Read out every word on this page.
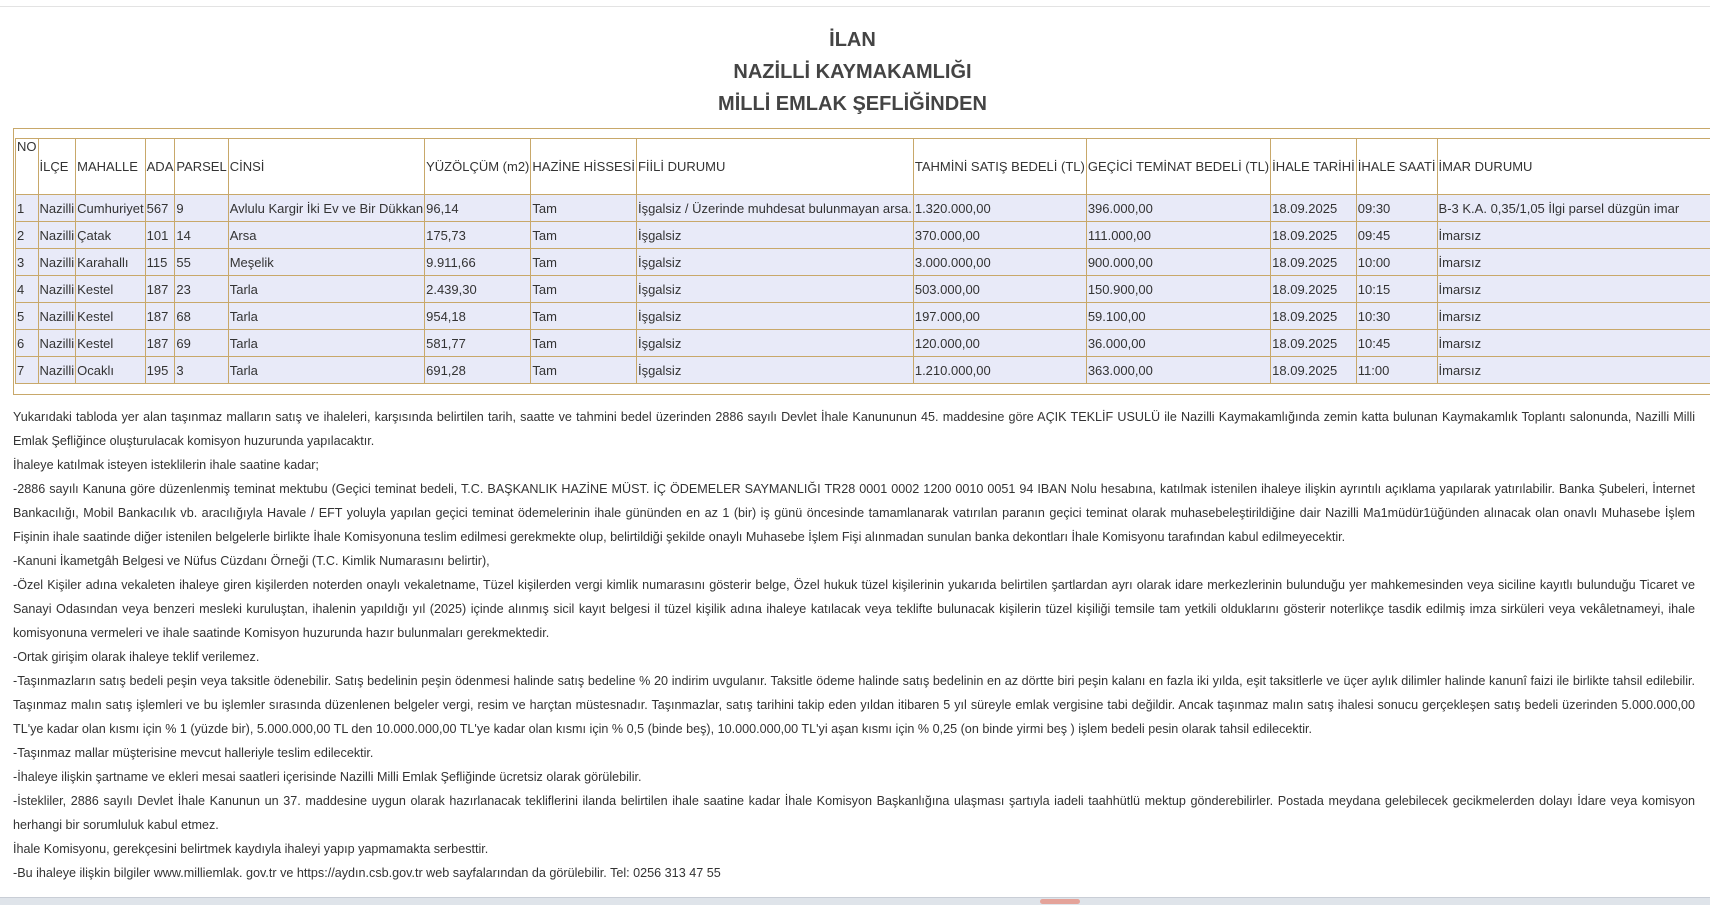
İLAN
NAZİLLİ KAYMAKAMLIĞI
MİLLİ EMLAK ŞEFLİĞİNDEN
NO	İLÇE	MAHALLE	ADA	PARSEL	CİNSİ	YÜZÖLÇÜM (m2)	HAZİNE HİSSESİ	FİİLİ DURUMU	TAHMİNİ SATIŞ BEDELİ (TL)	GEÇİCİ TEMİNAT BEDELİ (TL)	İHALE TARİHİ	İHALE SAATİ	İMAR DURUMU
1	Nazilli	Cumhuriyet	567	9	Avlulu Kargir İki Ev ve Bir Dükkan	96,14	Tam	İşgalsiz / Üzerinde muhdesat bulunmayan arsa.	1.320.000,00	396.000,00	18.09.2025	09:30	B-3 K.A. 0,35/1,05 İlgi parsel düzgün imar
2	Nazilli	Çatak	101	14	Arsa	175,73	Tam	İşgalsiz	370.000,00	111.000,00	18.09.2025	09:45	İmarsız
3	Nazilli	Karahallı	115	55	Meşelik	9.911,66	Tam	İşgalsiz	3.000.000,00	900.000,00	18.09.2025	10:00	İmarsız
4	Nazilli	Kestel	187	23	Tarla	2.439,30	Tam	İşgalsiz	503.000,00	150.900,00	18.09.2025	10:15	İmarsız
5	Nazilli	Kestel	187	68	Tarla	954,18	Tam	İşgalsiz	197.000,00	59.100,00	18.09.2025	10:30	İmarsız
6	Nazilli	Kestel	187	69	Tarla	581,77	Tam	İşgalsiz	120.000,00	36.000,00	18.09.2025	10:45	İmarsız
7	Nazilli	Ocaklı	195	3	Tarla	691,28	Tam	İşgalsiz	1.210.000,00	363.000,00	18.09.2025	11:00	İmarsız

Yukarıdaki tabloda yer alan taşınmaz malların satış ve ihaleleri, karşısında belirtilen tarih, saatte ve tahmini bedel üzerinden 2886 sayılı Devlet İhale Kanununun 45. maddesine göre AÇIK TEKLİF USULÜ ile Nazilli Kaymakamlığında zemin katta bulunan Kaymakamlık Toplantı salonunda, Nazilli Milli Emlak Şefliğince oluşturulacak komisyon huzurunda yapılacaktır.

İhaleye katılmak isteyen isteklilerin ihale saatine kadar;

-2886 sayılı Kanuna göre düzenlenmiş teminat mektubu (Geçici teminat bedeli, T.C. BAŞKANLIK HAZİNE MÜST. İÇ ÖDEMELER SAYMANLIĞI TR28 0001 0002 1200 0010 0051 94 IBAN Nolu hesabına, katılmak istenilen ihaleye ilişkin ayrıntılı açıklama yapılarak yatırılabilir. Banka Şubeleri, İnternet Bankacılığı, Mobil Bankacılık vb. aracılığıyla Havale / EFT yoluyla yapılan geçici teminat ödemelerinin ihale gününden en az 1 (bir) iş günü öncesinde tamamlanarak vatırılan paranın geçici teminat olarak muhasebeleştirildiğine dair Nazilli Ma1müdür1üğünden alınacak olan onavlı Muhasebe İşlem Fişinin ihale saatinde diğer istenilen belgelerle birlikte İhale Komisyonuna teslim edilmesi gerekmekte olup, belirtildiği şekilde onaylı Muhasebe İşlem Fişi alınmadan sunulan banka dekontları İhale Komisyonu tarafından kabul edilmeyecektir.

-Kanuni İkametgâh Belgesi ve Nüfus Cüzdanı Örneği (T.C. Kimlik Numarasını belirtir),

-Özel Kişiler adına vekaleten ihaleye giren kişilerden noterden onaylı vekaletname, Tüzel kişilerden vergi kimlik numarasını gösterir belge, Özel hukuk tüzel kişilerinin yukarıda belirtilen şartlardan ayrı olarak idare merkezlerinin bulunduğu yer mahkemesinden veya siciline kayıtlı bulunduğu Ticaret ve Sanayi Odasından veya benzeri mesleki kuruluştan, ihalenin yapıldığı yıl (2025) içinde alınmış sicil kayıt belgesi il tüzel kişilik adına ihaleye katılacak veya teklifte bulunacak kişilerin tüzel kişiliği temsile tam yetkili olduklarını gösterir noterlikçe tasdik edilmiş imza sirküleri veya vekâletnameyi, ihale komisyonuna vermeleri ve ihale saatinde Komisyon huzurunda hazır bulunmaları gerekmektedir.

-Ortak girişim olarak ihaleye teklif verilemez.

-Taşınmazların satış bedeli peşin veya taksitle ödenebilir. Satış bedelinin peşin ödenmesi halinde satış bedeline % 20 indirim uvgulanır. Taksitle ödeme halinde satış bedelinin en az dörtte biri peşin kalanı en fazla iki yılda, eşit taksitlerle ve üçer aylık dilimler halinde kanunî faizi ile birlikte tahsil edilebilir. Taşınmaz malın satış işlemleri ve bu işlemler sırasında düzenlenen belgeler vergi, resim ve harçtan müstesnadır. Taşınmazlar, satış tarihini takip eden yıldan itibaren 5 yıl süreyle emlak vergisine tabi değildir. Ancak taşınmaz malın satış ihalesi sonucu gerçekleşen satış bedeli üzerinden 5.000.000,00 TL'ye kadar olan kısmı için % 1 (yüzde bir), 5.000.000,00 TL den 10.000.000,00 TL'ye kadar olan kısmı için % 0,5 (binde beş), 10.000.000,00 TL'yi aşan kısmı için % 0,25 (on binde yirmi beş ) işlem bedeli pesin olarak tahsil edilecektir.

-Taşınmaz mallar müşterisine mevcut halleriyle teslim edilecektir.

-İhaleye ilişkin şartname ve ekleri mesai saatleri içerisinde Nazilli Milli Emlak Şefliğinde ücretsiz olarak görülebilir.

-İstekliler, 2886 sayılı Devlet İhale Kanunun un 37. maddesine uygun olarak hazırlanacak tekliflerini ilanda belirtilen ihale saatine kadar İhale Komisyon Başkanlığına ulaşması şartıyla iadeli taahhütlü mektup gönderebilirler. Postada meydana gelebilecek gecikmelerden dolayı İdare veya komisyon herhangi bir sorumluluk kabul etmez.

İhale Komisyonu, gerekçesini belirtmek kaydıyla ihaleyi yapıp yapmamakta serbesttir.

-Bu ihaleye ilişkin bilgiler www.milliemlak. gov.tr ve https://aydın.csb.gov.tr web sayfalarından da görülebilir. Tel: 0256 313 47 55
